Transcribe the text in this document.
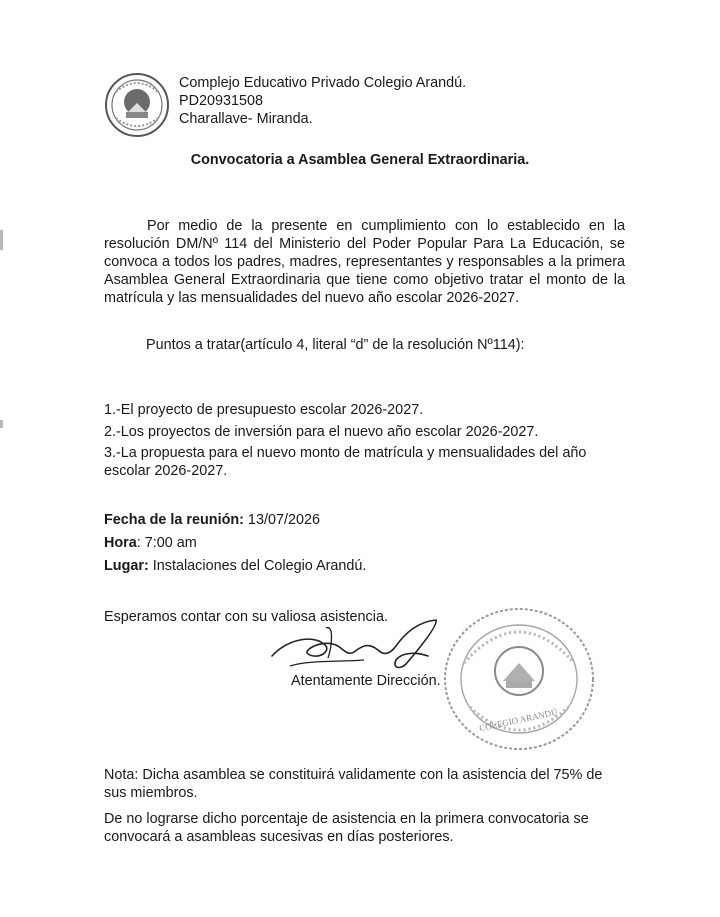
Complejo Educativo Privado Colegio Arandú.
PD20931508
Charallave- Miranda.
Convocatoria a Asamblea General Extraordinaria.
Por medio de la presente en cumplimiento con lo establecido en la resolución DM/Nº 114 del Ministerio del Poder Popular Para La Educación, se convoca a todos los padres, madres, representantes y responsables a la primera Asamblea General Extraordinaria que tiene como objetivo tratar el monto de la matrícula y las mensualidades del nuevo año escolar 2026-2027.
Puntos a tratar(artículo 4, literal “d” de la resolución Nº114):
1.-El proyecto de presupuesto escolar 2026-2027.
2.-Los proyectos de inversión para el nuevo año escolar 2026-2027.
3.-La propuesta para el nuevo monto de matrícula y mensualidades del año escolar 2026-2027.
Fecha de la reunión: 13/07/2026
Hora: 7:00 am
Lugar: Instalaciones del Colegio Arandú.
Esperamos contar con su valiosa asistencia.
Atentamente Dirección.
COLEGIO ARANDÚ
Nota: Dicha asamblea se constituirá validamente con la asistencia del 75% de sus miembros.
De no lograrse dicho porcentaje de asistencia en la primera convocatoria se convocará a asambleas sucesivas en días posteriores.
